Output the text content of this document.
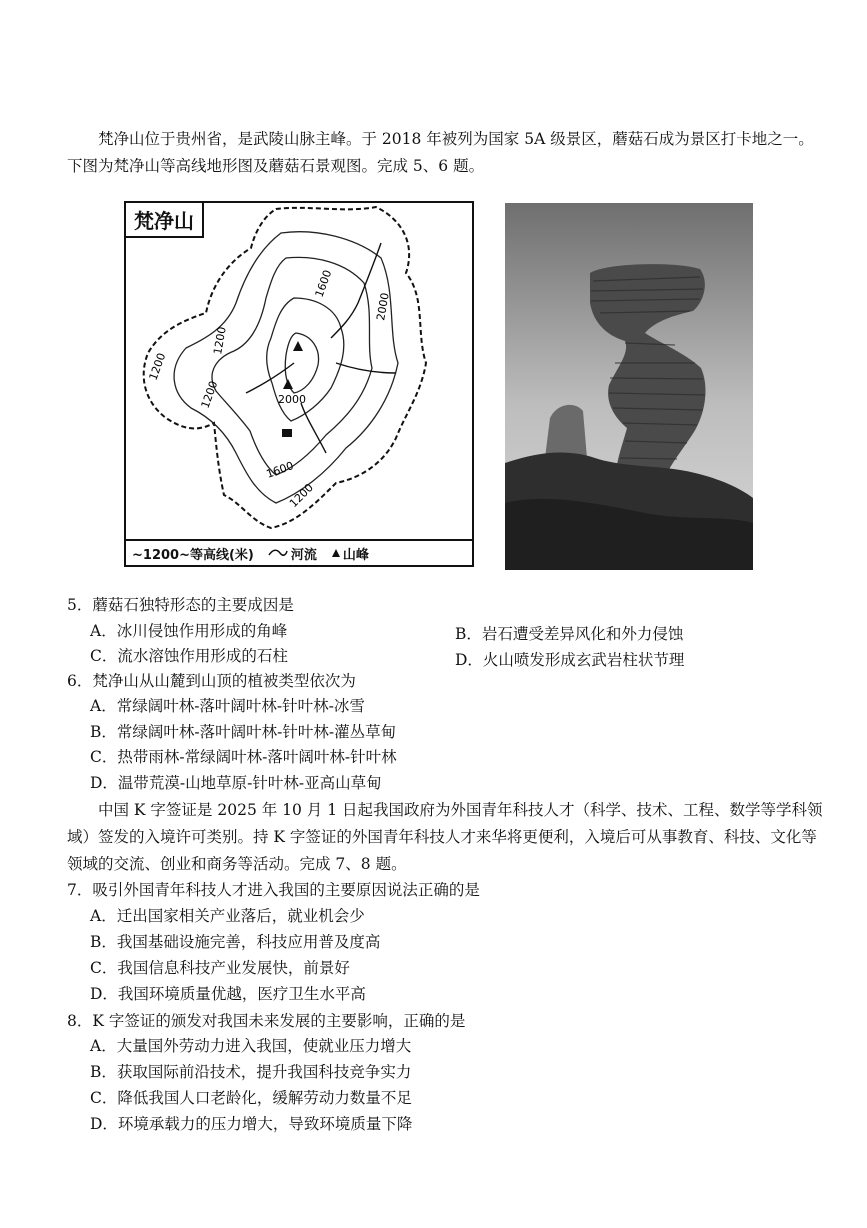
梵净山位于贵州省，是武陵山脉主峰。于 2018 年被列为国家 5A 级景区，蘑菇石成为景区打卡地之一。下图为梵净山等高线地形图及蘑菇石景观图。完成 5、6 题。
1600
2000
1200
1200
1200
2000
1600
1200
梵净山
~1200~等高线(米)	河流 山峰
5．蘑菇石独特形态的主要成因是
A．冰川侵蚀作用形成的角峰	B．岩石遭受差异风化和外力侵蚀
C．流水溶蚀作用形成的石柱	D．火山喷发形成玄武岩柱状节理
6．梵净山从山麓到山顶的植被类型依次为
A．常绿阔叶林-落叶阔叶林-针叶林-冰雪
B．常绿阔叶林-落叶阔叶林-针叶林-灌丛草甸
C．热带雨林-常绿阔叶林-落叶阔叶林-针叶林
D．温带荒漠-山地草原-针叶林-亚高山草甸
中国 K 字签证是 2025 年 10 月 1 日起我国政府为外国青年科技人才（科学、技术、工程、数学等学科领域）签发的入境许可类别。持 K 字签证的外国青年科技人才来华将更便利，入境后可从事教育、科技、文化等领域的交流、创业和商务等活动。完成 7、8 题。
7．吸引外国青年科技人才进入我国的主要原因说法正确的是
A．迁出国家相关产业落后，就业机会少
B．我国基础设施完善，科技应用普及度高
C．我国信息科技产业发展快，前景好
D．我国环境质量优越，医疗卫生水平高
8．K 字签证的颁发对我国未来发展的主要影响，正确的是
A．大量国外劳动力进入我国，使就业压力增大
B．获取国际前沿技术，提升我国科技竞争实力
C．降低我国人口老龄化，缓解劳动力数量不足
D．环境承载力的压力增大，导致环境质量下降
